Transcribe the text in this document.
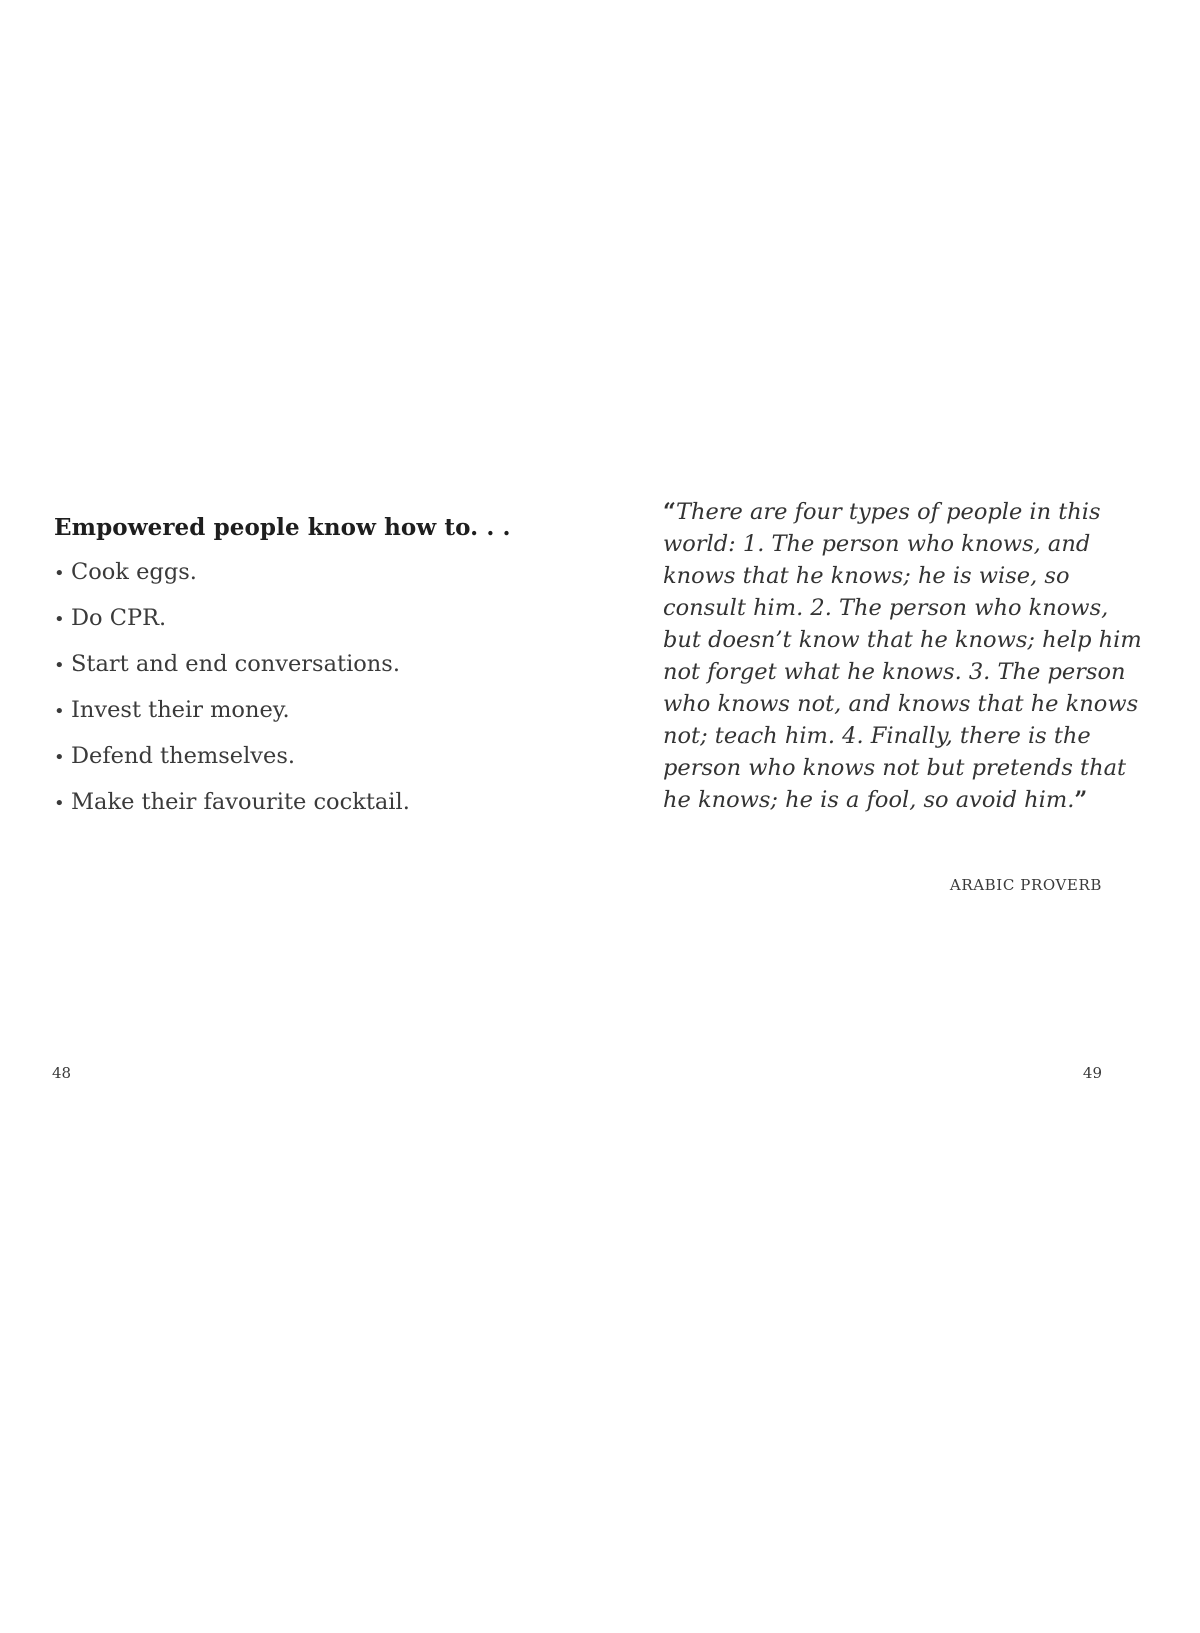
Empowered people know how to. . .
• Cook eggs.
• Do CPR.
• Start and end conversations.
• Invest their money.
• Defend themselves.
• Make their favourite cocktail.

“There are four types of people in this world: 1. The person who knows, and knows that he knows; he is wise, so consult him. 2. The person who knows, but doesn’t know that he knows; help him not forget what he knows. 3. The person who knows not, and knows that he knows not; teach him. 4. Finally, there is the person who knows not but pretends that he knows; he is a fool, so avoid him.”

ARABIC PROVERB
48	49
